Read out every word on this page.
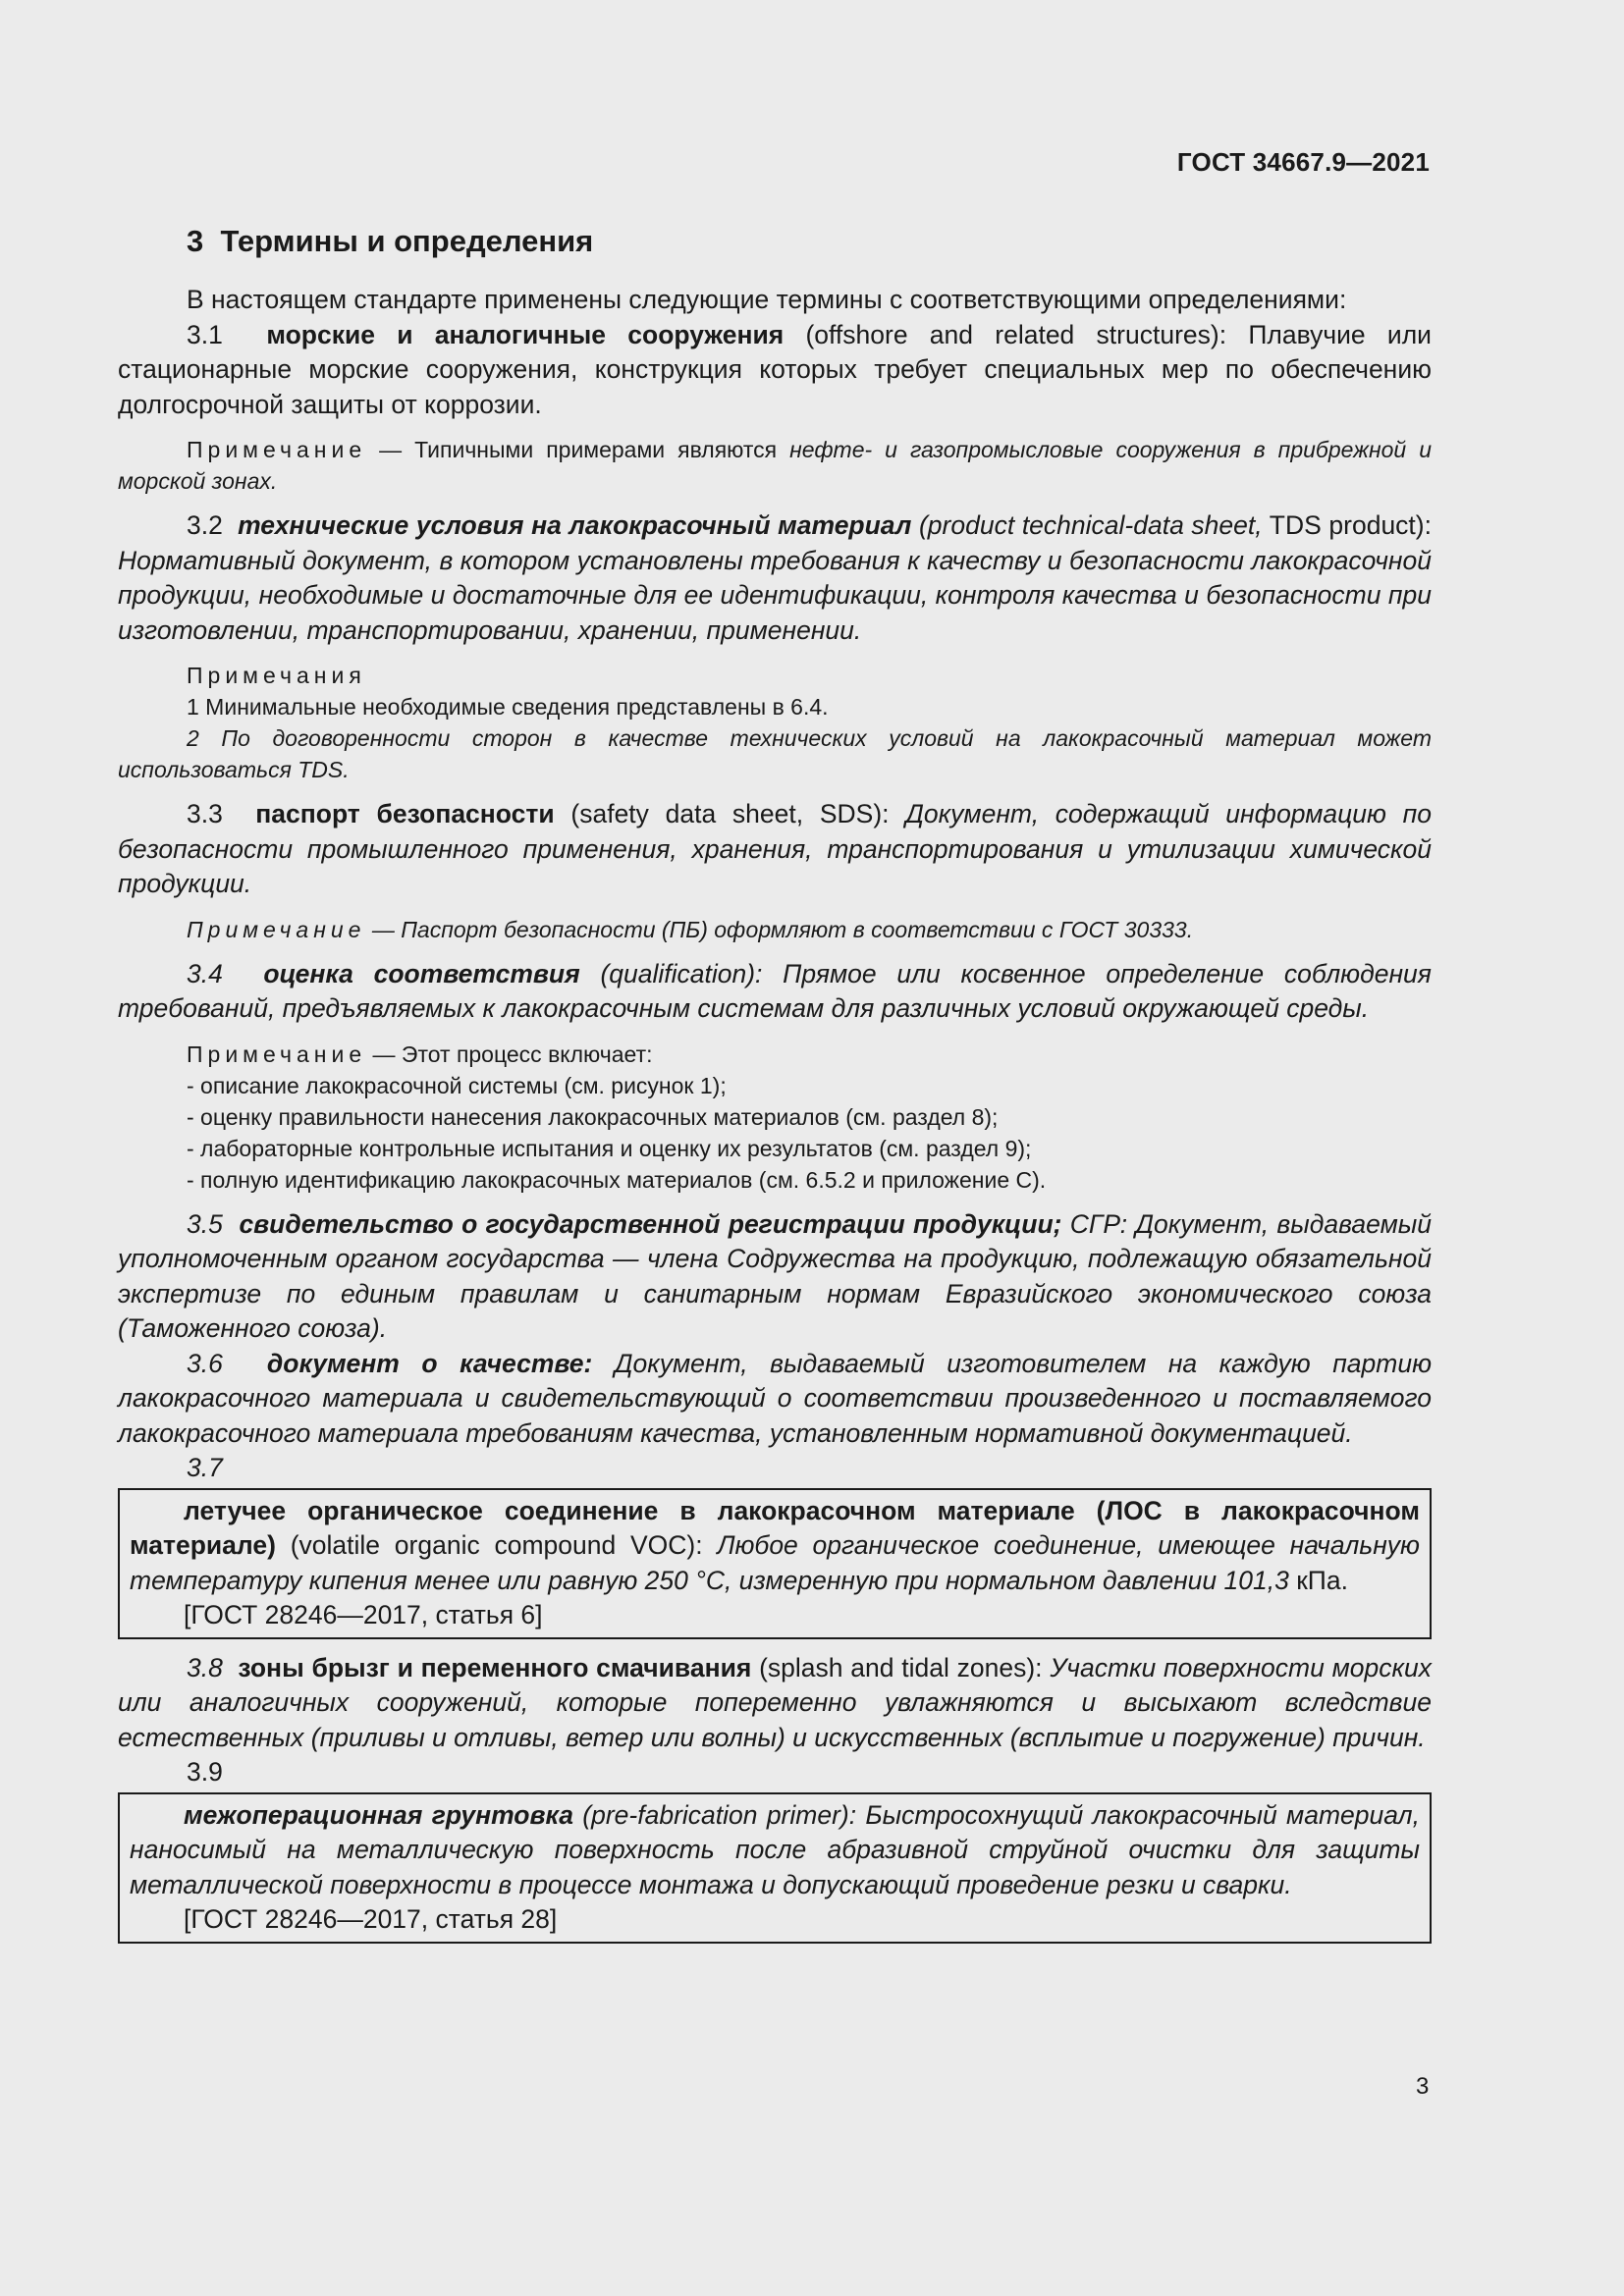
ГОСТ 34667.9—2021
3 Термины и определения

В настоящем стандарте применены следующие термины с соответствующими определениями:

3.1 морские и аналогичные сооружения (offshore and related structures): Плавучие или стационарные морские сооружения, конструкция которых требует специальных мер по обеспечению долгосрочной защиты от коррозии.

Примечание — Типичными примерами являются нефте- и газопромысловые сооружения в прибрежной и морской зонах.

3.2 технические условия на лакокрасочный материал (product technical-data sheet, TDS product): Нормативный документ, в котором установлены требования к качеству и безопасности лакокрасочной продукции, необходимые и достаточные для ее идентификации, контроля качества и безопасности при изготовлении, транспортировании, хранении, применении.

Примечания

1 Минимальные необходимые сведения представлены в 6.4.

2 По договоренности сторон в качестве технических условий на лакокрасочный материал может использоваться TDS.

3.3 паспорт безопасности (safety data sheet, SDS): Документ, содержащий информацию по безопасности промышленного применения, хранения, транспортирования и утилизации химической продукции.

Примечание — Паспорт безопасности (ПБ) оформляют в соответствии с ГОСТ 30333.

3.4 оценка соответствия (qualification): Прямое или косвенное определение соблюдения требований, предъявляемых к лакокрасочным системам для различных условий окружающей среды.

Примечание — Этот процесс включает:

- описание лакокрасочной системы (см. рисунок 1);

- оценку правильности нанесения лакокрасочных материалов (см. раздел 8);

- лабораторные контрольные испытания и оценку их результатов (см. раздел 9);

- полную идентификацию лакокрасочных материалов (см. 6.5.2 и приложение С).

3.5 свидетельство о государственной регистрации продукции; СГР: Документ, выдаваемый уполномоченным органом государства — члена Содружества на продукцию, подлежащую обязательной экспертизе по единым правилам и санитарным нормам Евразийского экономического союза (Таможенного союза).

3.6 документ о качестве: Документ, выдаваемый изготовителем на каждую партию лакокрасочного материала и свидетельствующий о соответствии произведенного и поставляемого лакокрасочного материала требованиям качества, установленным нормативной документацией.

3.7

летучее органическое соединение в лакокрасочном материале (ЛОС в лакокрасочном материале) (volatile organic compound VOC): Любое органическое соединение, имеющее начальную температуру кипения менее или равную 250 °С, измеренную при нормальном давлении 101,3 кПа.

[ГОСТ 28246—2017, статья 6]

3.8 зоны брызг и переменного смачивания (splash and tidal zones): Участки поверхности морских или аналогичных сооружений, которые попеременно увлажняются и высыхают вследствие естественных (приливы и отливы, ветер или волны) и искусственных (всплытие и погружение) причин.

3.9

межоперационная грунтовка (pre-fabrication primer): Быстросохнущий лакокрасочный материал, наносимый на металлическую поверхность после абразивной струйной очистки для защиты металлической поверхности в процессе монтажа и допускающий проведение резки и сварки.

[ГОСТ 28246—2017, статья 28]

3
